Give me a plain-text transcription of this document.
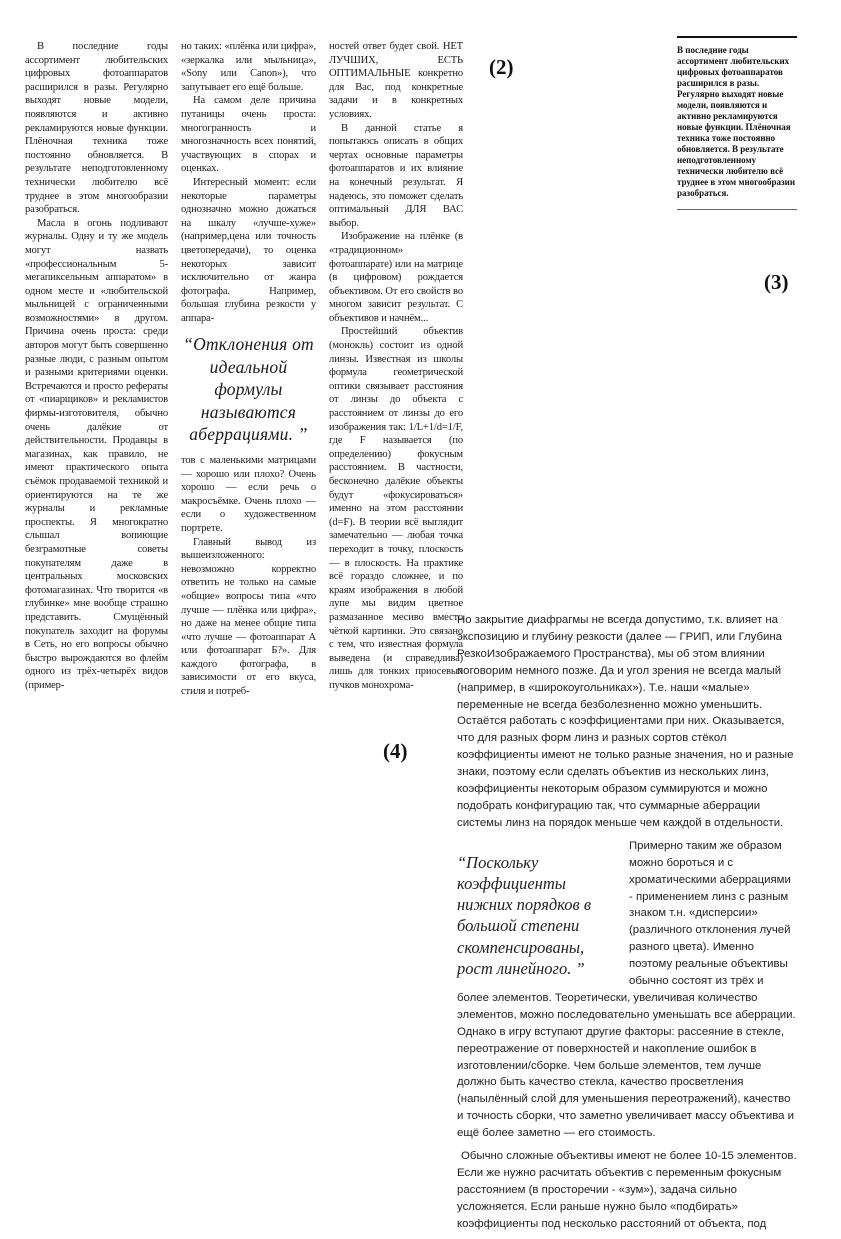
В последние годы ассортимент любительских цифровых фотоаппаратов расширился в разы. Регулярно выходят новые модели, появляются и активно рекламируются новые функции. Плёночная техника тоже постоянно обновляется. В результате неподготовленному технически любителю всё труднее в этом многообразии разобраться.

Масла в огонь подливают журналы. Одну и ту же модель могут назвать «профессиональным 5-мегапиксельным аппаратом» в одном месте и «любительской мыльницей с ограниченными возможностями» в другом. Причина очень проста: среди авторов могут быть совершенно разные люди, с разным опытом и разными критериями оценки. Встречаются и просто рефераты от «пиарщиков» и рекламистов фирмы-изготовителя, обычно очень далёкие от действительности. Продавцы в магазинах, как правило, не имеют практического опыта съёмок продаваемой техникой и ориентируются на те же журналы и рекламные проспекты. Я многократно слышал вопиющие безграмотные советы покупателям даже в центральных московских фотомагазинах. Что творится «в глубинке» мне вообще страшно представить. Смущённый покупатель заходит на форумы в Сеть, но его вопросы обычно быстро вырождаются во флейм одного из трёх-четырёх видов (пример-

но таких: «плёнка или цифра», «зеркалка или мыльница», «Sony или Canon»), что запутывает его ещё больше.

На самом деле причина путаницы очень проста: многогранность и многозначность всех понятий, участвующих в спорах и оценках.

Интересный момент: если некоторые параметры однозначно можно дожаться на шкалу «лучше-хуже» (например,цена или точность цветопередачи), то оценка некоторых зависит исключительно от жанра фотографа. Например, большая глубина резкости у аппара-

“Отклонения от идеальной формулы называются аберрациями. ”

тов с маленькими матрицами — хорошо или плохо? Очень хорошо — если речь о макросъёмке. Очень плохо — если о художественном портрете.

Главный вывод из вышеизложенного: невозможно корректно ответить не только на самые «общие» вопросы типа «что лучше — плёнка или цифра», но даже на менее общие типа «что лучше — фотоаппарат А или фотоаппарат Б?». Для каждого фотографа, в зависимости от его вкуса, стиля и потреб-

ностей ответ будет свой. НЕТ ЛУЧШИХ, ЕСТЬ ОПТИМАЛЬНЫЕ конкретно для Вас, под конкретные задачи и в конкретных условиях.

В данной статье я попытаюсь описать в общих чертах основные параметры фотоаппаратов и их влияние на конечный результат. Я надеюсь, это поможет сделать оптимальный ДЛЯ ВАС выбор.

Изображение на плёнке (в «традиционном» фотоаппарате) или на матрице (в цифровом) рождается объективом. От его свойств во многом зависит результат. С объективов и начнём...

Простейший объектив (монокль) состоит из одной линзы. Известная из школы формула геометрической оптики связывает расстояния от линзы до объекта с расстоянием от линзы до его изображения так: 1/L+1/d=1/F, где F называется (по определению) фокусным расстоянием. В частности, бесконечно далёкие объекты будут «фокусироваться» именно на этом расстоянии (d=F). В теории всё выглядит замечательно — любая точка переходит в точку, плоскость — в плоскость. На практике всё гораздо сложнее, и по краям изображения в любой лупе мы видим цветное размазанное месиво вместо чёткой картинки. Это связано с тем, что известная формула выведена (и справедлива) лишь для тонких приосевых пучков монохрома-

(2)
(3)
(4)

В последние годы ассортимент любительских цифровых фотоаппаратов расширился в разы. Регулярно выходят новые модели, появляются и активно рекламируются новые функции. Плёночная техника тоже постоянно обновляется. В результате неподготовленному технически любителю всё труднее в этом многообразии разобраться.

Но закрытие диафрагмы не всегда допустимо, т.к. влияет на экспозицию и глубину резкости (далее — ГРИП, или Глубина РезкоИзображаемого Пространства), мы об этом влиянии поговорим немного позже. Да и угол зрения не всегда малый (например, в «широкоугольниках»). Т.е. наши «малые» переменные не всегда безболезненно можно уменьшить. Остаётся работать с коэффициентами при них. Оказывается, что для разных форм линз и разных сортов стёкол коэффициенты имеют не только разные значения, но и разные знаки, поэтому если сделать объектив из нескольких линз, коэффициенты некоторым образом суммируются и можно подобрать конфигурацию так, что суммарные аберрации системы линз на порядок меньше чем каждой в отдельности.

“Поскольку коэффициенты нижних порядков в большой степени скомпенсированы, рост линейного. ”

Примерно таким же образом можно бороться и с хроматическими аберрациями - применением линз с разным знаком т.н. «дисперсии» (различного отклонения лучей разного цвета). Именно поэтому реальные объективы обычно состоят из трёх и более элементов. Теоретически, увеличивая количество элементов, можно последовательно уменьшать все аберрации. Однако в игру вступают другие факторы: рассеяние в стекле, переотражение от поверхностей и накопление ошибок в изготовлении/сборке. Чем больше элементов, тем лучше должно быть качество стекла, качество просветления (напылённый слой для уменьшения переотражений), качество и точность сборки, что заметно увеличивает массу объектива и ещё более заметно — его стоимость.

Обычно сложные объективы имеют не более 10-15 элементов. Если же нужно расчитать объектив с переменным фокусным расстоянием (в просторечии - «зум»), задача сильно усложняется. Если раньше нужно было «подбирать» коэффициенты под несколько расстояний от объекта, под
